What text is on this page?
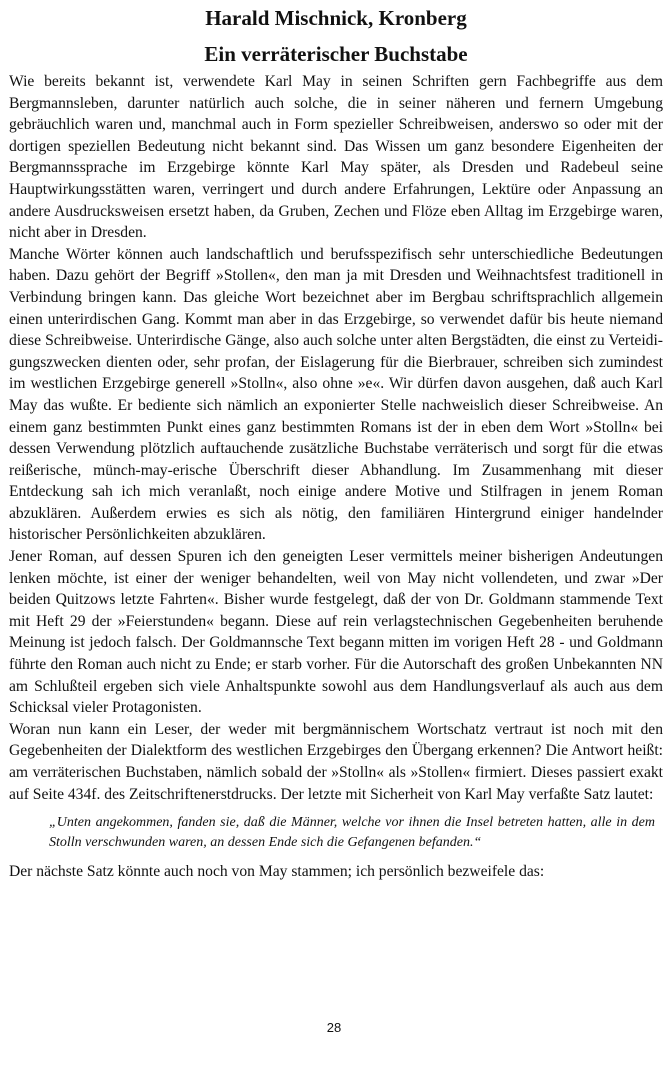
Harald Mischnick, Kronberg
Ein verräterischer Buchstabe

Wie bereits bekannt ist, verwendete Karl May in seinen Schriften gern Fachbegriffe aus dem Bergmannsleben, darunter natürlich auch solche, die in seiner näheren und fernern Umgebung gebräuchlich waren und, manchmal auch in Form spezieller Schreibweisen, anderswo so oder mit der dortigen speziellen Bedeutung nicht bekannt sind. Das Wissen um ganz besondere Eigenheiten der Bergmannssprache im Erzgebirge könnte Karl May später, als Dresden und Radebeul seine Hauptwirkungsstätten waren, verringert und durch andere Erfahrungen, Lektüre oder Anpassung an andere Ausdrucksweisen ersetzt haben, da Gruben, Zechen und Flöze eben Alltag im Erzgebirge waren, nicht aber in Dresden.

Manche Wörter können auch landschaftlich und berufsspezifisch sehr unterschiedliche Bedeutungen haben. Dazu gehört der Begriff »Stollen«, den man ja mit Dresden und Weihnachtsfest traditionell in Verbindung bringen kann. Das gleiche Wort bezeichnet aber im Bergbau schriftsprachlich allgemein einen unterirdischen Gang. Kommt man aber in das Erzgebirge, so verwendet dafür bis heute niemand diese Schreibweise. Unterirdische Gänge, also auch solche unter alten Bergstädten, die einst zu Verteidigungszwecken dienten oder, sehr profan, der Eislagerung für die Bierbrauer, schreiben sich zumindest im westlichen Erzgebirge generell »Stolln«, also ohne »e«. Wir dürfen davon ausgehen, daß auch Karl May das wußte. Er bediente sich nämlich an exponierter Stelle nachweislich dieser Schreibweise. An einem ganz bestimmten Punkt eines ganz bestimmten Romans ist der in eben dem Wort »Stolln« bei dessen Verwendung plötzlich auftauchende zusätzliche Buchstabe verräterisch und sorgt für die etwas reißerische, münch-may-erische Überschrift dieser Abhandlung. Im Zusammenhang mit dieser Entdeckung sah ich mich veranlaßt, noch einige andere Motive und Stilfragen in jenem Roman abzuklären. Außerdem erwies es sich als nötig, den familiären Hintergrund einiger handelnder historischer Persönlichkeiten abzuklären.

Jener Roman, auf dessen Spuren ich den geneigten Leser vermittels meiner bisherigen Andeutungen lenken möchte, ist einer der weniger behandelten, weil von May nicht vollendeten, und zwar »Der beiden Quitzows letzte Fahrten«. Bisher wurde festgelegt, daß der von Dr. Goldmann stammende Text mit Heft 29 der »Feierstunden« begann. Diese auf rein verlagstechnischen Gegebenheiten beruhende Meinung ist jedoch falsch. Der Goldmannsche Text begann mitten im vorigen Heft 28 - und Goldmann führte den Roman auch nicht zu Ende; er starb vorher. Für die Autorschaft des großen Unbekannten NN am Schlußteil ergeben sich viele Anhaltspunkte sowohl aus dem Handlungsverlauf als auch aus dem Schicksal vieler Protagonisten.

Woran nun kann ein Leser, der weder mit bergmännischem Wortschatz vertraut ist noch mit den Gegebenheiten der Dialektform des westlichen Erzgebirges den Übergang erkennen? Die Antwort heißt: am verräterischen Buchstaben, nämlich sobald der »Stolln« als »Stollen« firmiert. Dieses passiert exakt auf Seite 434f. des Zeitschriftenerstdrucks. Der letzte mit Sicherheit von Karl May verfaßte Satz lautet:

„Unten angekommen, fanden sie, daß die Männer, welche vor ihnen die Insel betreten hatten, alle in dem Stolln verschwunden waren, an dessen Ende sich die Gefangenen befanden.“

Der nächste Satz könnte auch noch von May stammen; ich persönlich bezweifele das:

28
